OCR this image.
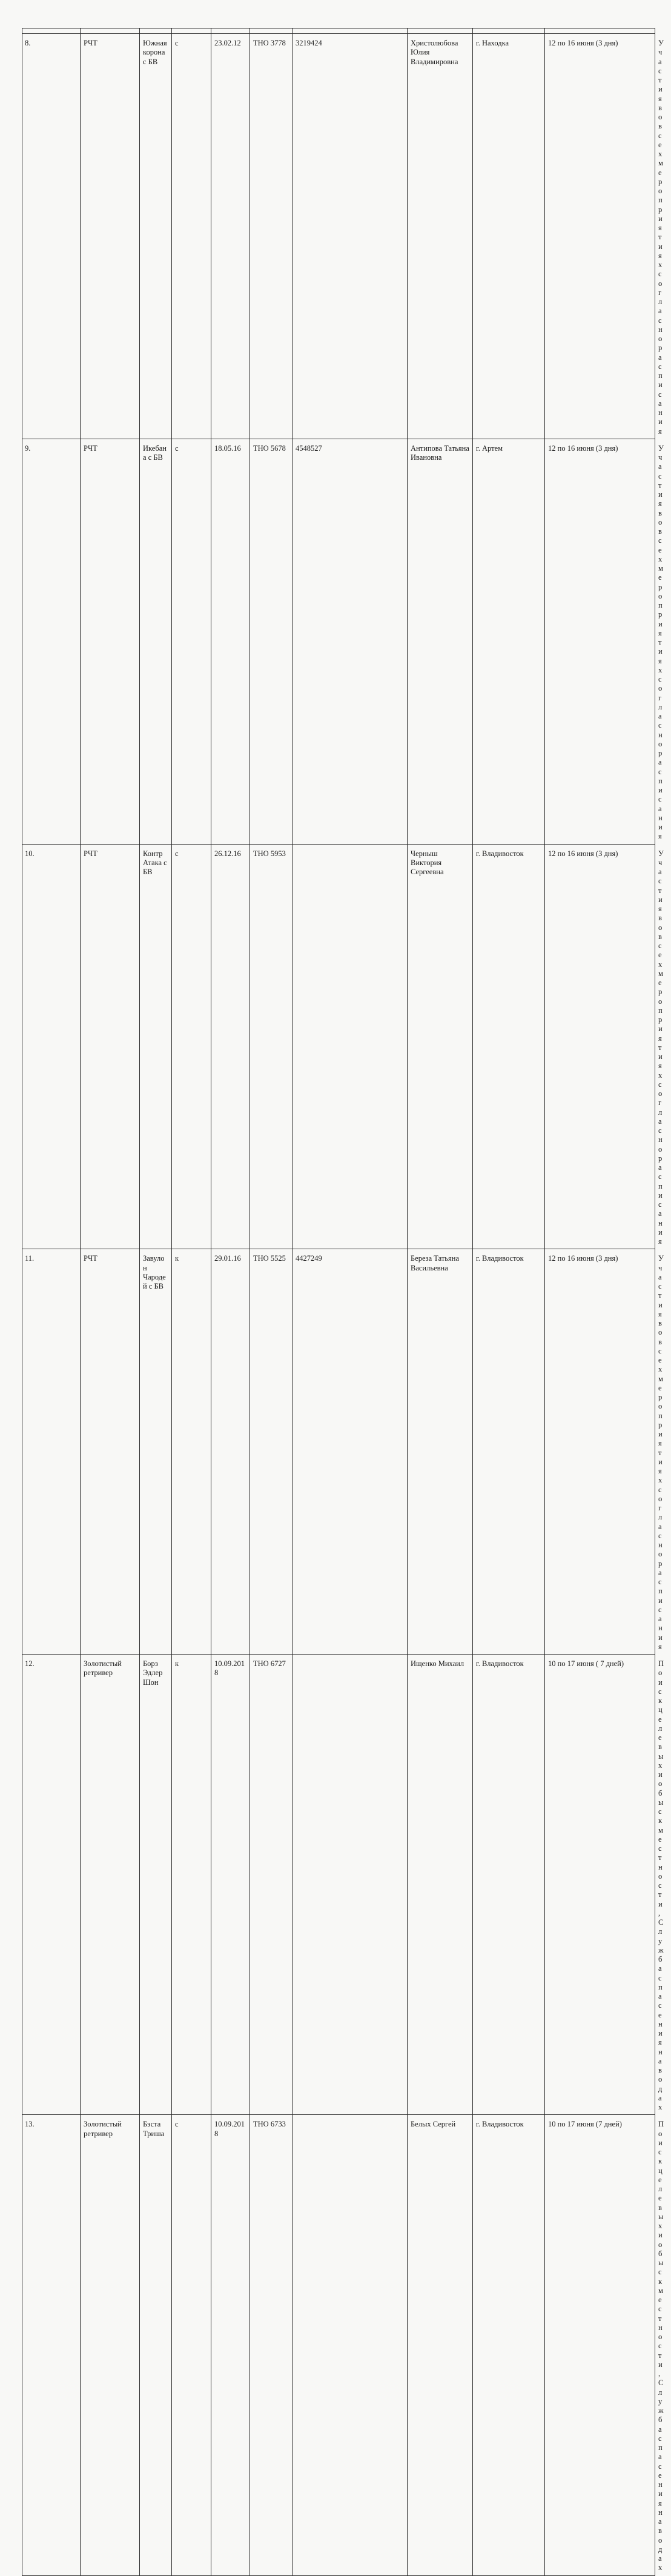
8.	РЧТ	Южная корона с БВ	с	23.02.12	ТНО 3778	3219424	Христолюбова Юлия Владимировна	г. Находка	12 по 16 июня (3 дня)	Участия во всех мероприятиях согласно расписания
9.	РЧТ	Икебана с БВ	с	18.05.16	ТНО 5678	4548527	Антипова Татьяна Ивановна	г. Артем	12 по 16 июня (3 дня)	Участия во всех мероприятиях согласно расписания
10.	РЧТ	Контр Атака с БВ	с	26.12.16	ТНО 5953		Черныш Виктория Сергеевна	г. Владивосток	12 по 16 июня (3 дня)	Участия во всех мероприятиях согласно расписания
11.	РЧТ	Завулон Чародей с БВ	к	29.01.16	ТНО 5525	4427249	Береза Татьяна Васильевна	г. Владивосток	12 по 16 июня (3 дня)	Участия во всех мероприятиях согласно расписания
12.	Золотистый ретривер	Борз Эдлер Шон	к	10.09.2018	ТНО 6727		Ищенко Михаил	г. Владивосток	10 по 17 июня ( 7 дней)	Поиск целевых и обыск местности, Служба спасения на водах
13.	Золотистый ретривер	Бэста Триша	с	10.09.2018	ТНО 6733		Белых Сергей	г. Владивосток	10 по 17 июня (7 дней)	Поиск целевых и обыск местности, Служба спасения на водах
